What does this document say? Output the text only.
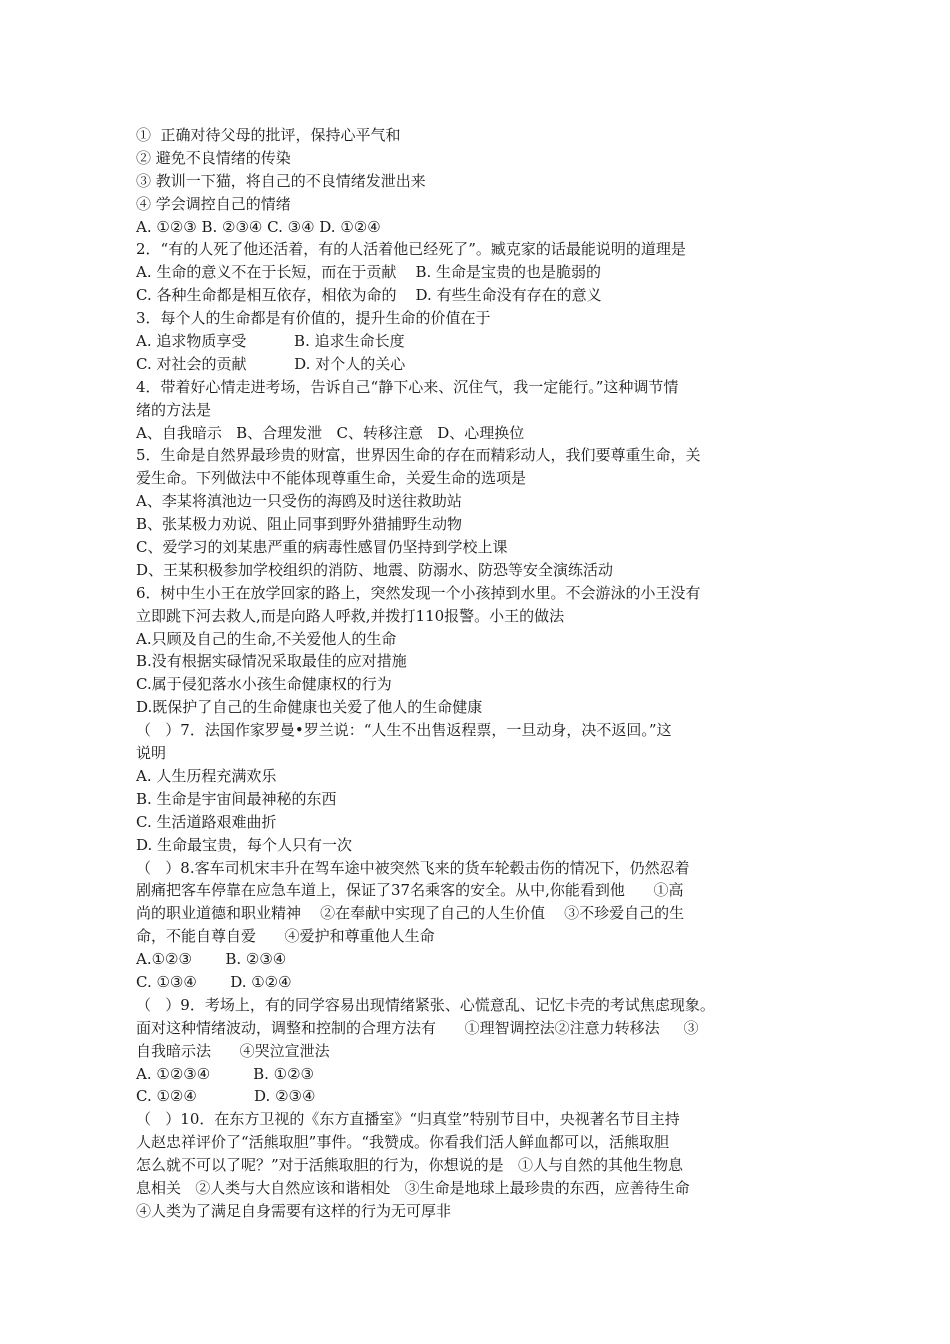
①  正确对待父母的批评，保持心平气和
② 避免不良情绪的传染
③ 教训一下猫，将自己的不良情绪发泄出来
④ 学会调控自己的情绪
A. ①②③ B. ②③④ C. ③④ D. ①②④
2．“有的人死了他还活着，有的人活着他已经死了”。臧克家的话最能说明的道理是
A. 生命的意义不在于长短，而在于贡献    B. 生命是宝贵的也是脆弱的
C. 各种生命都是相互依存，相依为命的    D. 有些生命没有存在的意义
3．每个人的生命都是有价值的，提升生命的价值在于
A. 追求物质享受          B. 追求生命长度
C. 对社会的贡献          D. 对个人的关心
4．带着好心情走进考场，告诉自己“静下心来、沉住气，我一定能行。”这种调节情
绪的方法是
A、自我暗示   B、合理发泄   C、转移注意   D、心理换位
5．生命是自然界最珍贵的财富，世界因生命的存在而精彩动人，我们要尊重生命，关
爱生命。下列做法中不能体现尊重生命，关爱生命的选项是
A、李某将滇池边一只受伤的海鸥及时送往救助站
B、张某极力劝说、阻止同事到野外猎捕野生动物
C、爱学习的刘某患严重的病毒性感冒仍坚持到学校上课
D、王某积极参加学校组织的消防、地震、防溺水、防恐等安全演练活动
6．树中生小王在放学回家的路上，突然发现一个小孩掉到水里。不会游泳的小王没有
立即跳下河去救人,而是向路人呼救,并拨打110报警。小王的做法
A.只顾及自己的生命,不关爱他人的生命
B.没有根据实碌情况采取最佳的应对措施
C.属于侵犯落水小孩生命健康权的行为
D.既保护了自己的生命健康也关爱了他人的生命健康
（   ）7．法国作家罗曼•罗兰说：“人生不出售返程票，一旦动身，决不返回。”这
说明
A. 人生历程充满欢乐
B. 生命是宇宙间最神秘的东西
C. 生活道路艰难曲折
D. 生命最宝贵，每个人只有一次
（   ）8.客车司机宋丰升在驾车途中被突然飞来的货车轮毂击伤的情况下，仍然忍着
剧痛把客车停靠在应急车道上，保证了37名乘客的安全。从中,你能看到他      ①高
尚的职业道德和职业精神    ②在奉献中实现了自己的人生价值    ③不珍爱自己的生
命，不能自尊自爱      ④爱护和尊重他人生命
A.①②③       B. ②③④
C. ①③④       D. ①②④
（   ）9．考场上，有的同学容易出现情绪紧张、心慌意乱、记忆卡壳的考试焦虑现象。
面对这种情绪波动，调整和控制的合理方法有      ①理智调控法②注意力转移法     ③
自我暗示法      ④哭泣宣泄法
A. ①②③④         B. ①②③
C. ①②④            D. ②③④
（   ）10．在东方卫视的《东方直播室》“归真堂”特别节目中，央视著名节目主持
人赵忠祥评价了“活熊取胆”事件。“我赞成。你看我们活人鲜血都可以，活熊取胆
怎么就不可以了呢？”对于活熊取胆的行为，你想说的是   ①人与自然的其他生物息
息相关   ②人类与大自然应该和谐相处   ③生命是地球上最珍贵的东西，应善待生命
④人类为了满足自身需要有这样的行为无可厚非
